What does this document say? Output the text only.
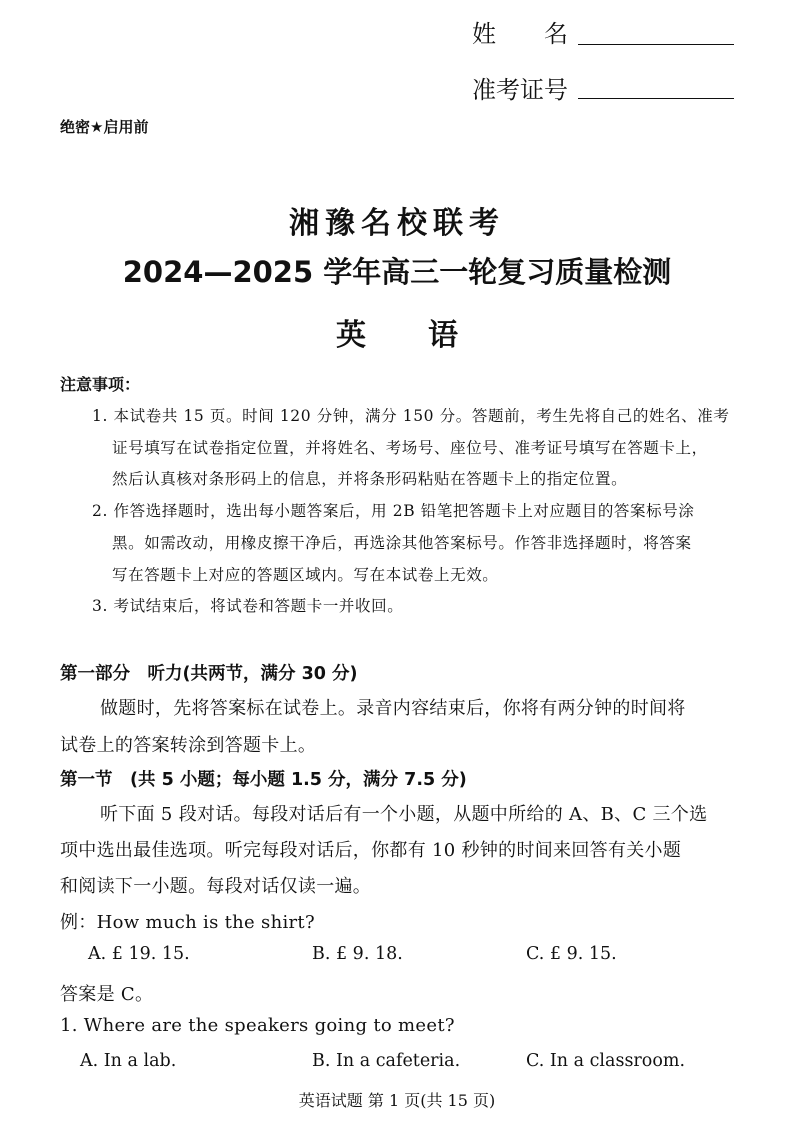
姓　　名
准考证号
绝密★启用前
湘豫名校联考
2024—2025 学年高三一轮复习质量检测
英语
注意事项：
1. 本试卷共 15 页。时间 120 分钟，满分 150 分。答题前，考生先将自己的姓名、准考
证号填写在试卷指定位置，并将姓名、考场号、座位号、准考证号填写在答题卡上，
然后认真核对条形码上的信息，并将条形码粘贴在答题卡上的指定位置。
2. 作答选择题时，选出每小题答案后，用 2B 铅笔把答题卡上对应题目的答案标号涂
黑。如需改动，用橡皮擦干净后，再选涂其他答案标号。作答非选择题时，将答案
写在答题卡上对应的答题区域内。写在本试卷上无效。
3. 考试结束后，将试卷和答题卡一并收回。
第一部分　听力(共两节，满分 30 分)
做题时，先将答案标在试卷上。录音内容结束后，你将有两分钟的时间将
试卷上的答案转涂到答题卡上。
第一节　(共 5 小题；每小题 1.5 分，满分 7.5 分)
听下面 5 段对话。每段对话后有一个小题，从题中所给的 A、B、C 三个选
项中选出最佳选项。听完每段对话后，你都有 10 秒钟的时间来回答有关小题
和阅读下一小题。每段对话仅读一遍。
例：How much is the shirt?
A. £ 19. 15.	B. £ 9. 18.	C. £ 9. 15.
答案是 C。
1. Where are the speakers going to meet?
A. In a lab.	B. In a cafeteria.	C. In a classroom.
英语试题 第 1 页(共 15 页)
